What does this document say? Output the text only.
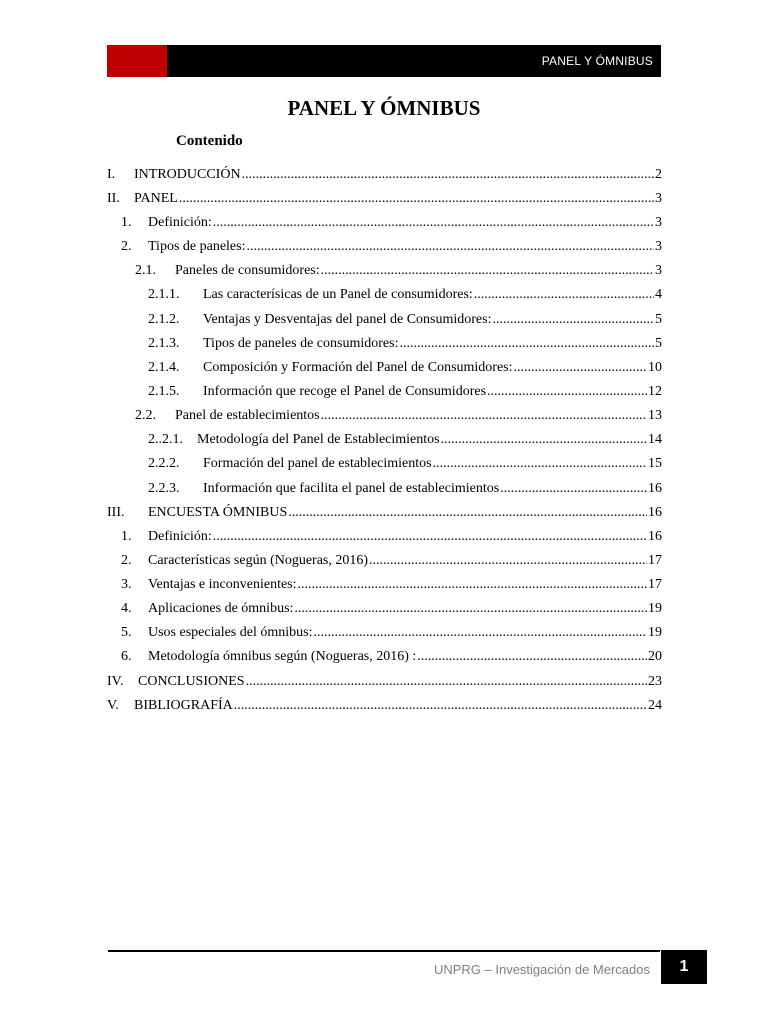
PANEL Y ÓMNIBUS
PANEL Y ÓMNIBUS
Contenido
I.	INTRODUCCIÓN .....	2
II.	PANEL .....	3
1.	Definición: .....	3
2.	Tipos de paneles: .....	3
2.1.	Paneles de consumidores: .....	3
2.1.1.	Las caracterísicas de un Panel de consumidores: .....	4
2.1.2.	Ventajas y Desventajas del panel de Consumidores: .....	5
2.1.3.	Tipos de paneles de consumidores: .....	5
2.1.4.	Composición y Formación del Panel de Consumidores: .....	10
2.1.5.	Información que recoge el Panel de Consumidores .....	12
2.2.	Panel de establecimientos .....	13
2..2.1.	Metodología del Panel de Establecimientos .....	14
2.2.2.	Formación del panel de establecimientos .....	15
2.2.3.	Información que facilita el panel de establecimientos .....	16
III.	ENCUESTA ÓMNIBUS .....	16
1.	Definición: .....	16
2.	Características según (Nogueras, 2016) .....	17
3.	Ventajas e inconvenientes: .....	17
4.	Aplicaciones de ómnibus: .....	19
5.	Usos especiales del ómnibus: .....	19
6.	Metodología ómnibus según (Nogueras, 2016) : .....	20
IV.	CONCLUSIONES .....	23
V.	BIBLIOGRAFÍA .....	24
UNPRG – Investigación de Mercados	1
